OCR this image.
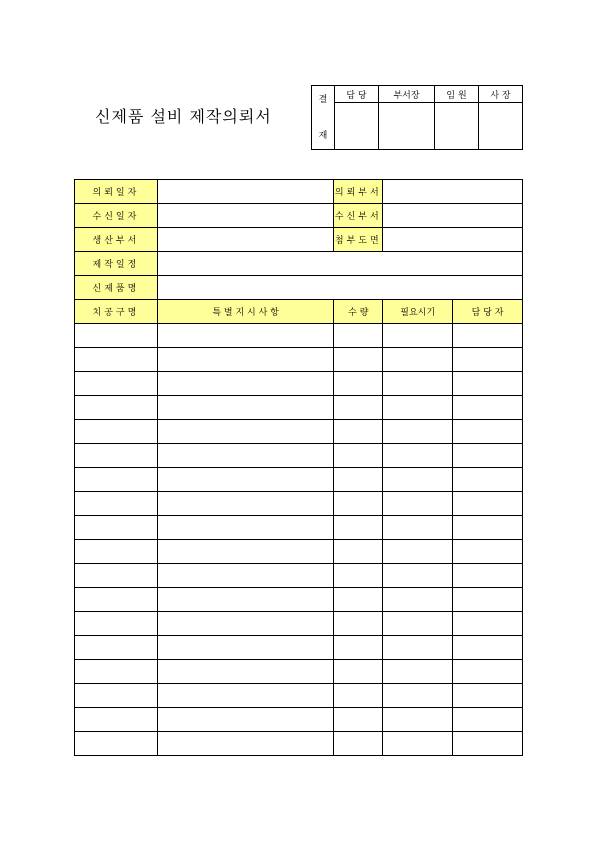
신제품 설비 제작의뢰서
결
재	담 당	부서장	임 원	사 장

의뢰일자		의뢰부서		
수신일자		수신부서		
생산부서		첨부도면		
제작일정				
신제품명				
치공구명	특 별 지 시 사 항	수 량	필요시기	담 당 자
